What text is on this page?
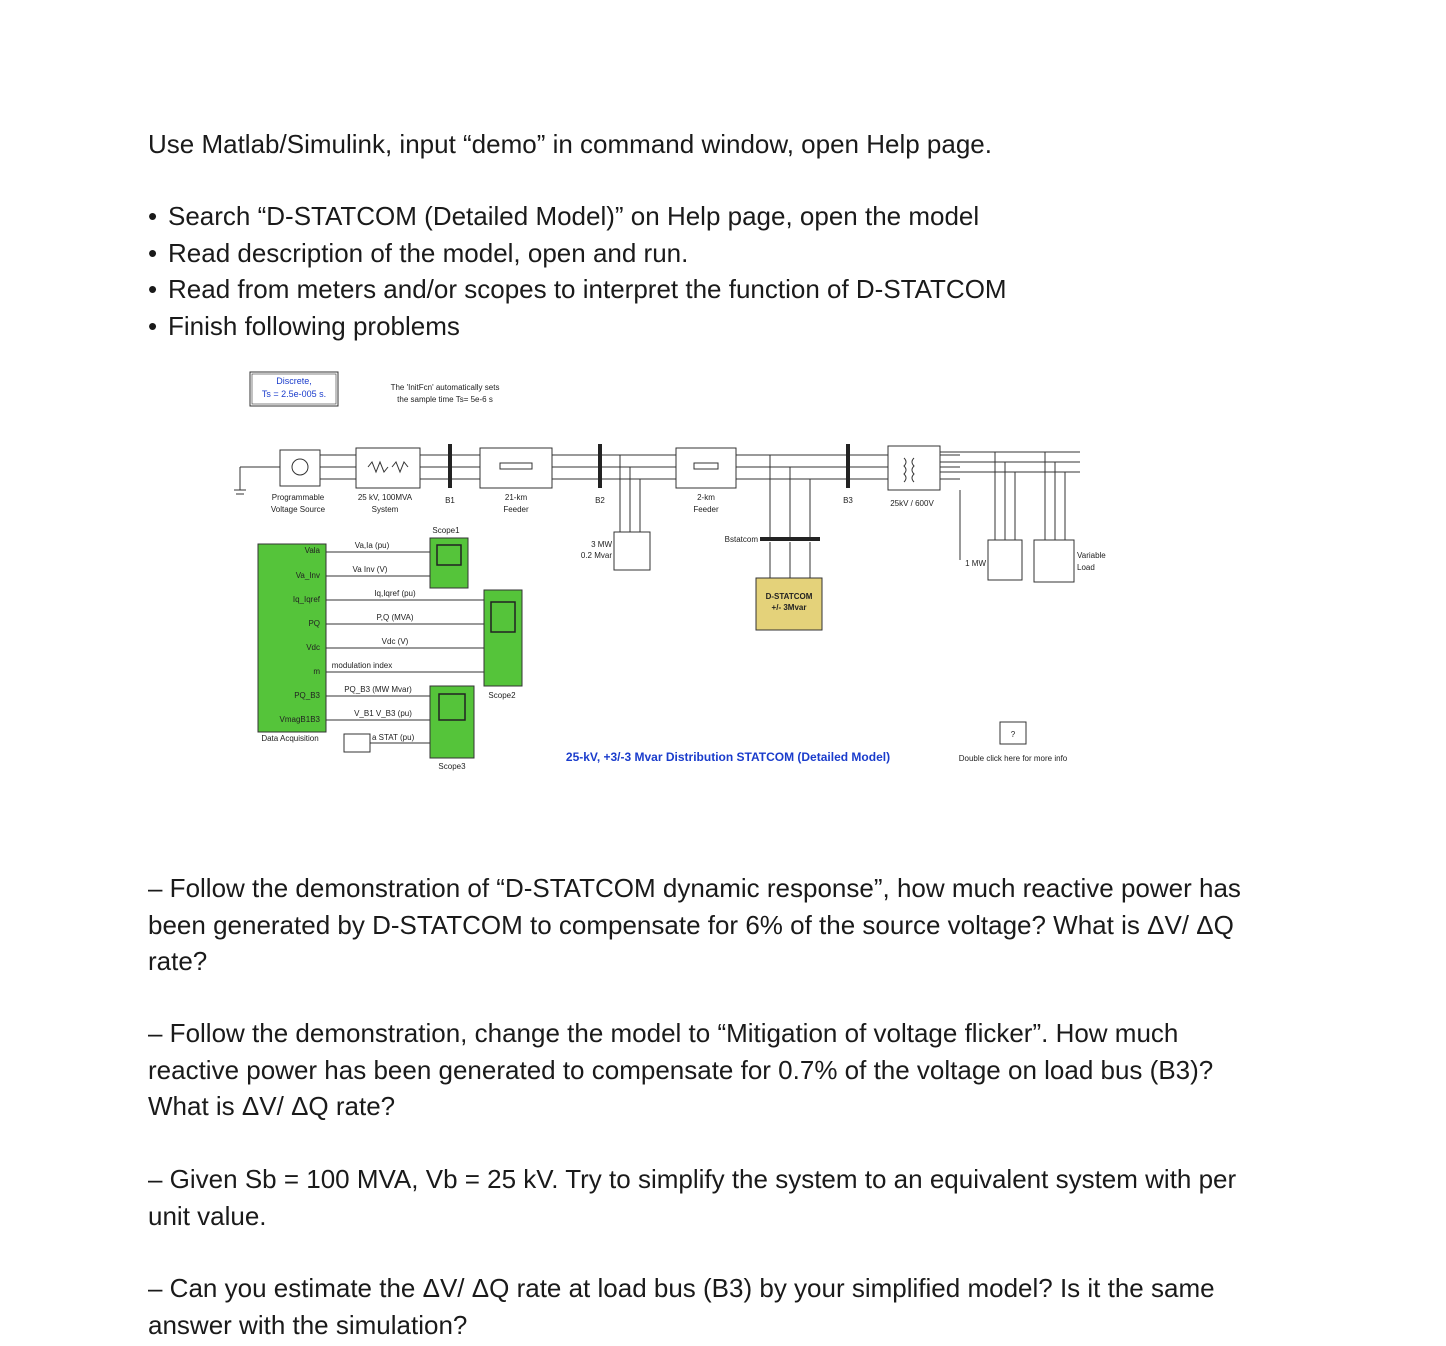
Use Matlab/Simulink, input “demo” in command window, open Help page.
• Search “D-STATCOM (Detailed Model)” on Help page, open the model
• Read description of the model, open and run.
• Read from meters and/or scopes to interpret the function of D-STATCOM
• Finish following problems
Discrete,
Ts = 2.5e-005 s.
The 'InitFcn' automatically sets
the sample time Ts= 5e-6 s
Programmable
Voltage Source
25 kV, 100MVA
System
B1	21-km
Feeder
B2	2-km
Feeder
B3	25kV / 600V
3 MW
0.2 Mvar
Bstatcom
D-STATCOM
+/- 3Mvar
1 MW
Variable
Load
Vala
Va_Inv
Iq_Iqref
PQ
Vdc
m
PQ_B3
VmagB1B3
Data Acquisition
Va,Ia (pu)
Va Inv (V)
Iq,Iqref (pu)
P,Q (MVA)
Vdc (V)
modulation index
PQ_B3 (MW Mvar)
V_B1 V_B3 (pu)
Scope1
Scope2
Scope3
a STAT (pu)
25-kV, +3/-3 Mvar Distribution STATCOM (Detailed Model)
?
Double click here for more info
– Follow the demonstration of “D-STATCOM dynamic response”, how much reactive power has been generated by D-STATCOM to compensate for 6% of the source voltage? What is ΔV/ ΔQ rate?
– Follow the demonstration, change the model to “Mitigation of voltage flicker”. How much reactive power has been generated to compensate for 0.7% of the voltage on load bus (B3)? What is ΔV/ ΔQ rate?
– Given Sb = 100 MVA, Vb = 25 kV. Try to simplify the system to an equivalent system with per unit value.
– Can you estimate the ΔV/ ΔQ rate at load bus (B3) by your simplified model? Is it the same answer with the simulation?
